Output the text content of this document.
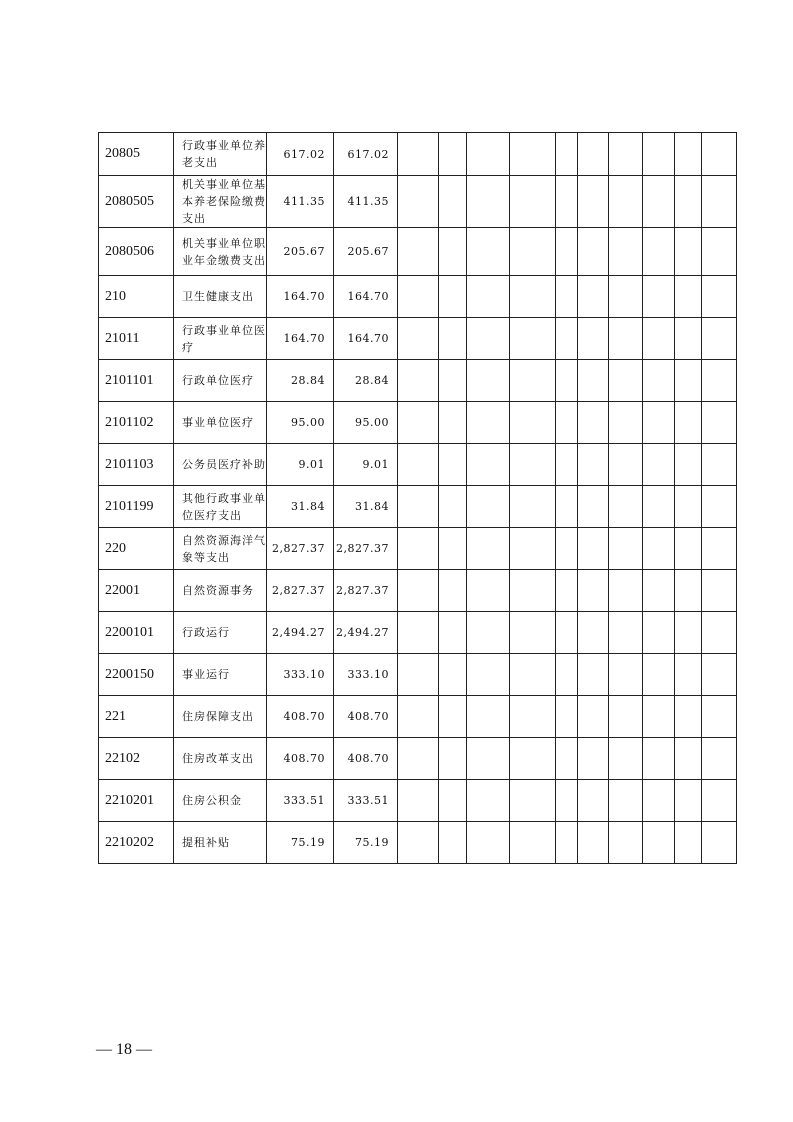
20805	行政事业单位养老支出	617.02	617.02										
2080505	机关事业单位基本养老保险缴费支出	411.35	411.35										
2080506	机关事业单位职业年金缴费支出	205.67	205.67										
210	卫生健康支出	164.70	164.70										
21011	行政事业单位医疗	164.70	164.70										
2101101	行政单位医疗	28.84	28.84										
2101102	事业单位医疗	95.00	95.00										
2101103	公务员医疗补助	9.01	9.01										
2101199	其他行政事业单位医疗支出	31.84	31.84										
220	自然资源海洋气象等支出	2,827.37	2,827.37										
22001	自然资源事务	2,827.37	2,827.37										
2200101	行政运行	2,494.27	2,494.27										
2200150	事业运行	333.10	333.10										
221	住房保障支出	408.70	408.70										
22102	住房改革支出	408.70	408.70										
2210201	住房公积金	333.51	333.51										
2210202	提租补贴	75.19	75.19										
— 18 —
